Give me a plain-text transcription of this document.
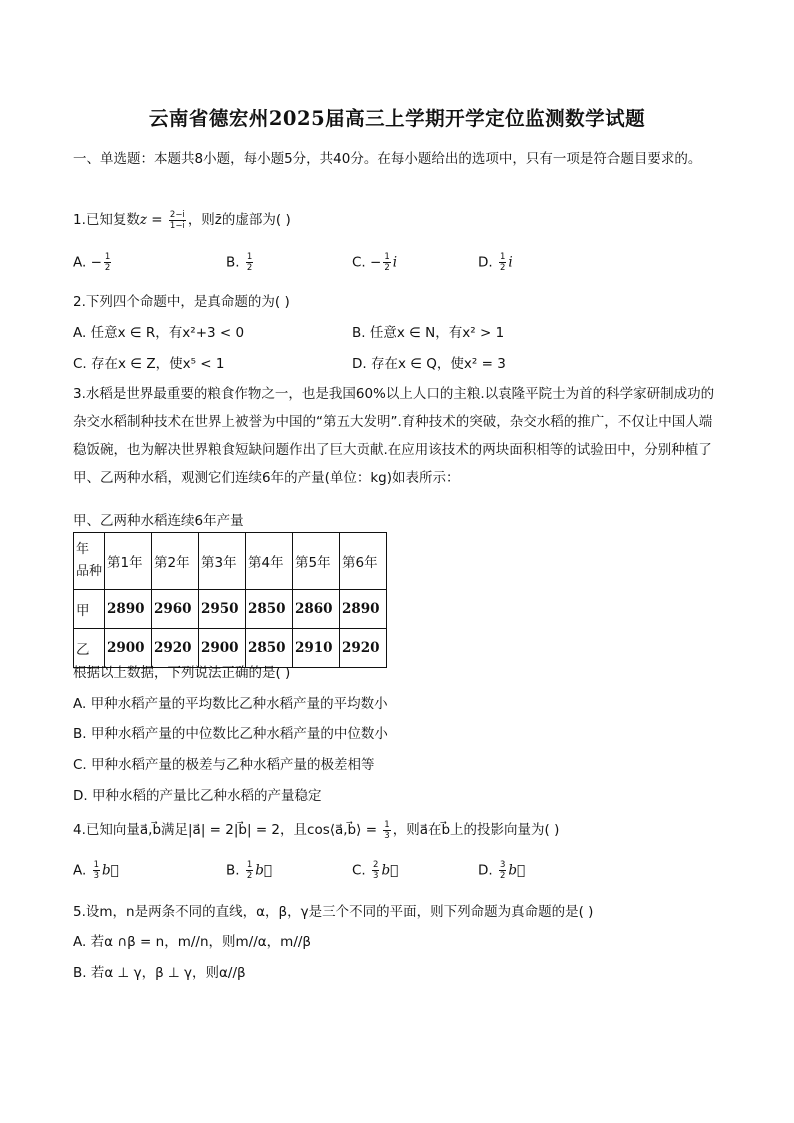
云南省德宏州2025届高三上学期开学定位监测数学试题
一、单选题：本题共8小题，每小题5分，共40分。在每小题给出的选项中，只有一项是符合题目要求的。
1.已知复数$z = \frac{2-i}{1-i}$ ，则z̄的虚部为( )
A. − $\frac{1}{2}$	B. $\frac{1}{2}$	C. − $\frac{1}{2}$ i	D. $\frac{1}{2}$ i
2.下列四个命题中，是真命题的为( )
A. 任意x ∈ R，有x²+3 < 0	B. 任意x ∈ N，有x² > 1
C. 存在x ∈ Z，使x⁵ < 1	D. 存在x ∈ Q，使x² = 3
3.水稻是世界最重要的粮食作物之一，也是我国60%以上人口的主粮.以袁隆平院士为首的科学家研制成功的杂交水稻制种技术在世界上被誉为中国的“第五大发明”.育种技术的突破，杂交水稻的推广，不仅让中国人端稳饭碗，也为解决世界粮食短缺问题作出了巨大贡献.在应用该技术的两块面积相等的试验田中，分别种植了甲、乙两种水稻，观测它们连续6年的产量(单位：kg)如表所示：
甲、乙两种水稻连续6年产量
年
品种	第1年	第2年	第3年	第4年	第5年	第6年
甲	2890	2960	2950	2850	2860	2890
乙	2900	2920	2900	2850	2910	2920
根据以上数据，下列说法正确的是( )
A. 甲种水稻产量的平均数比乙种水稻产量的平均数小
B. 甲种水稻产量的中位数比乙种水稻产量的中位数小
C. 甲种水稻产量的极差与乙种水稻产量的极差相等
D. 甲种水稻的产量比乙种水稻的产量稳定
4.已知向量a⃗,b⃗满足|a⃗| = 2|b⃗| = 2，且cos⟨a⃗,b⃗⟩ = $\frac{1}{3}$ ，则a⃗在b⃗上的投影向量为( )
A. $\frac{1}{3}$ b⃗	B. $\frac{1}{2}$ b⃗	C. $\frac{2}{3}$ b⃗	D. $\frac{3}{2}$ b⃗
5.设m，n是两条不同的直线，α，β，γ是三个不同的平面，则下列命题为真命题的是( )
A. 若α ∩β = n，m//n，则m//α，m//β
B. 若α ⊥ γ，β ⊥ γ，则α//β
